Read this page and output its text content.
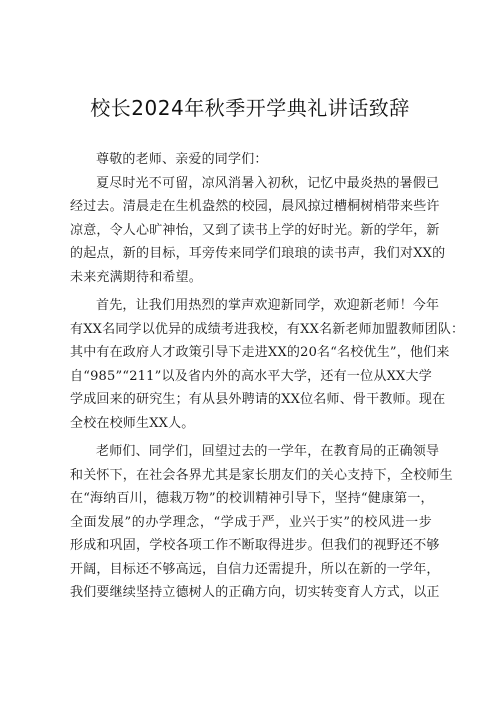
校长2024年秋季开学典礼讲话致辞
尊敬的老师、亲爱的同学们：
夏尽时光不可留，凉风消暑入初秋，记忆中最炎热的暑假已
经过去。清晨走在生机盎然的校园，晨风掠过槽桐树梢带来些许
凉意，令人心旷神怡，又到了读书上学的好时光。新的学年，新
的起点，新的目标，耳旁传来同学们琅琅的读书声，我们对XX的
未来充满期待和希望。
首先，让我们用热烈的掌声欢迎新同学，欢迎新老师！今年
有XX名同学以优异的成绩考进我校，有XX名新老师加盟教师团队：
其中有在政府人才政策引导下走进XX的20名“名校优生”，他们来
自“985”“211”以及省内外的高水平大学，还有一位从XX大学
学成回来的研究生；有从县外聘请的XX位名师、骨干教师。现在
全校在校师生XX人。
老师们、同学们，回望过去的一学年，在教育局的正确领导
和关怀下，在社会各界尤其是家长朋友们的关心支持下，全校师生
在“海纳百川，德栽万物”的校训精神引导下，坚持“健康第一，
全面发展”的办学理念，“学成于严，业兴于实”的校风进一步
形成和巩固，学校各项工作不断取得进步。但我们的视野还不够
开阔，目标还不够高远，自信力还需提升，所以在新的一学年，
我们要继续坚持立德树人的正确方向，切实转变育人方式，以正
